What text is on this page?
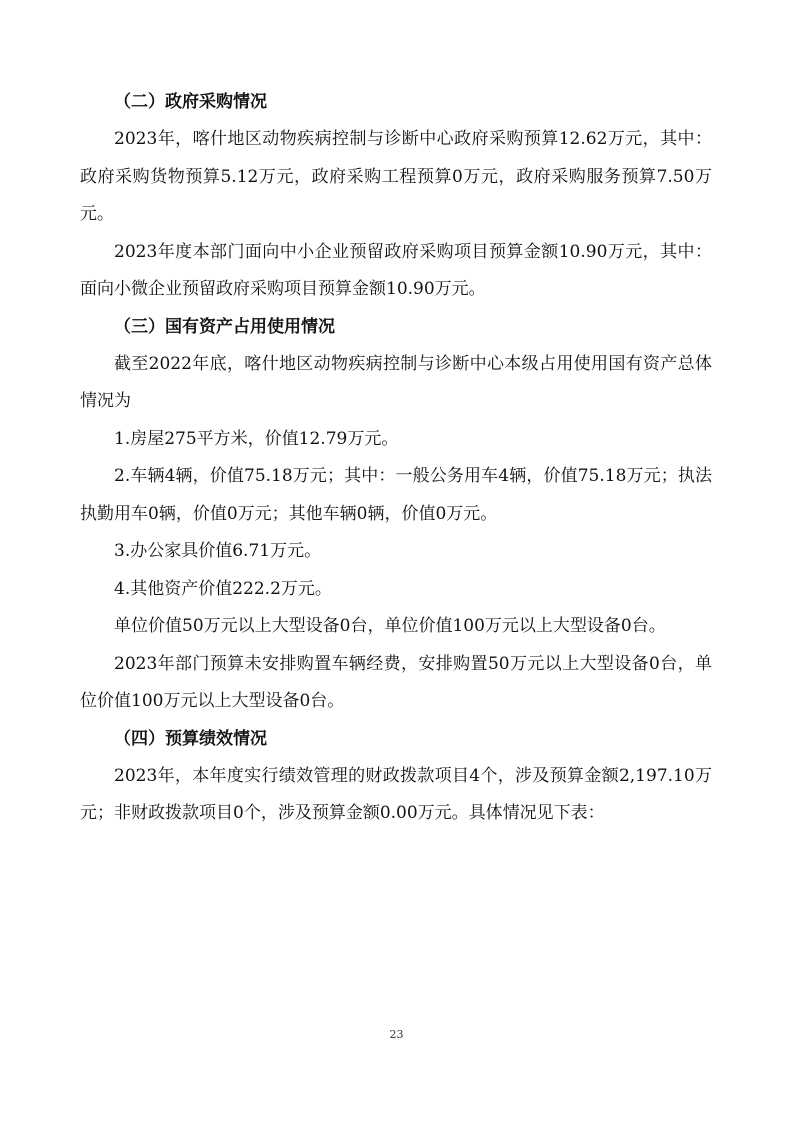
（二）政府采购情况

2023年，喀什地区动物疾病控制与诊断中心政府采购预算12.62万元，其中：政府采购货物预算5.12万元，政府采购工程预算0万元，政府采购服务预算7.50万元。

2023年度本部门面向中小企业预留政府采购项目预算金额10.90万元，其中：面向小微企业预留政府采购项目预算金额10.90万元。

（三）国有资产占用使用情况

截至2022年底，喀什地区动物疾病控制与诊断中心本级占用使用国有资产总体情况为

1.房屋275平方米，价值12.79万元。

2.车辆4辆，价值75.18万元；其中：一般公务用车4辆，价值75.18万元；执法执勤用车0辆，价值0万元；其他车辆0辆，价值0万元。

3.办公家具价值6.71万元。

4.其他资产价值222.2万元。

单位价值50万元以上大型设备0台，单位价值100万元以上大型设备0台。

2023年部门预算未安排购置车辆经费，安排购置50万元以上大型设备0台，单位价值100万元以上大型设备0台。

（四）预算绩效情况

2023年，本年度实行绩效管理的财政拨款项目4个，涉及预算金额2,197.10万元；非财政拨款项目0个，涉及预算金额0.00万元。具体情况见下表：

23
